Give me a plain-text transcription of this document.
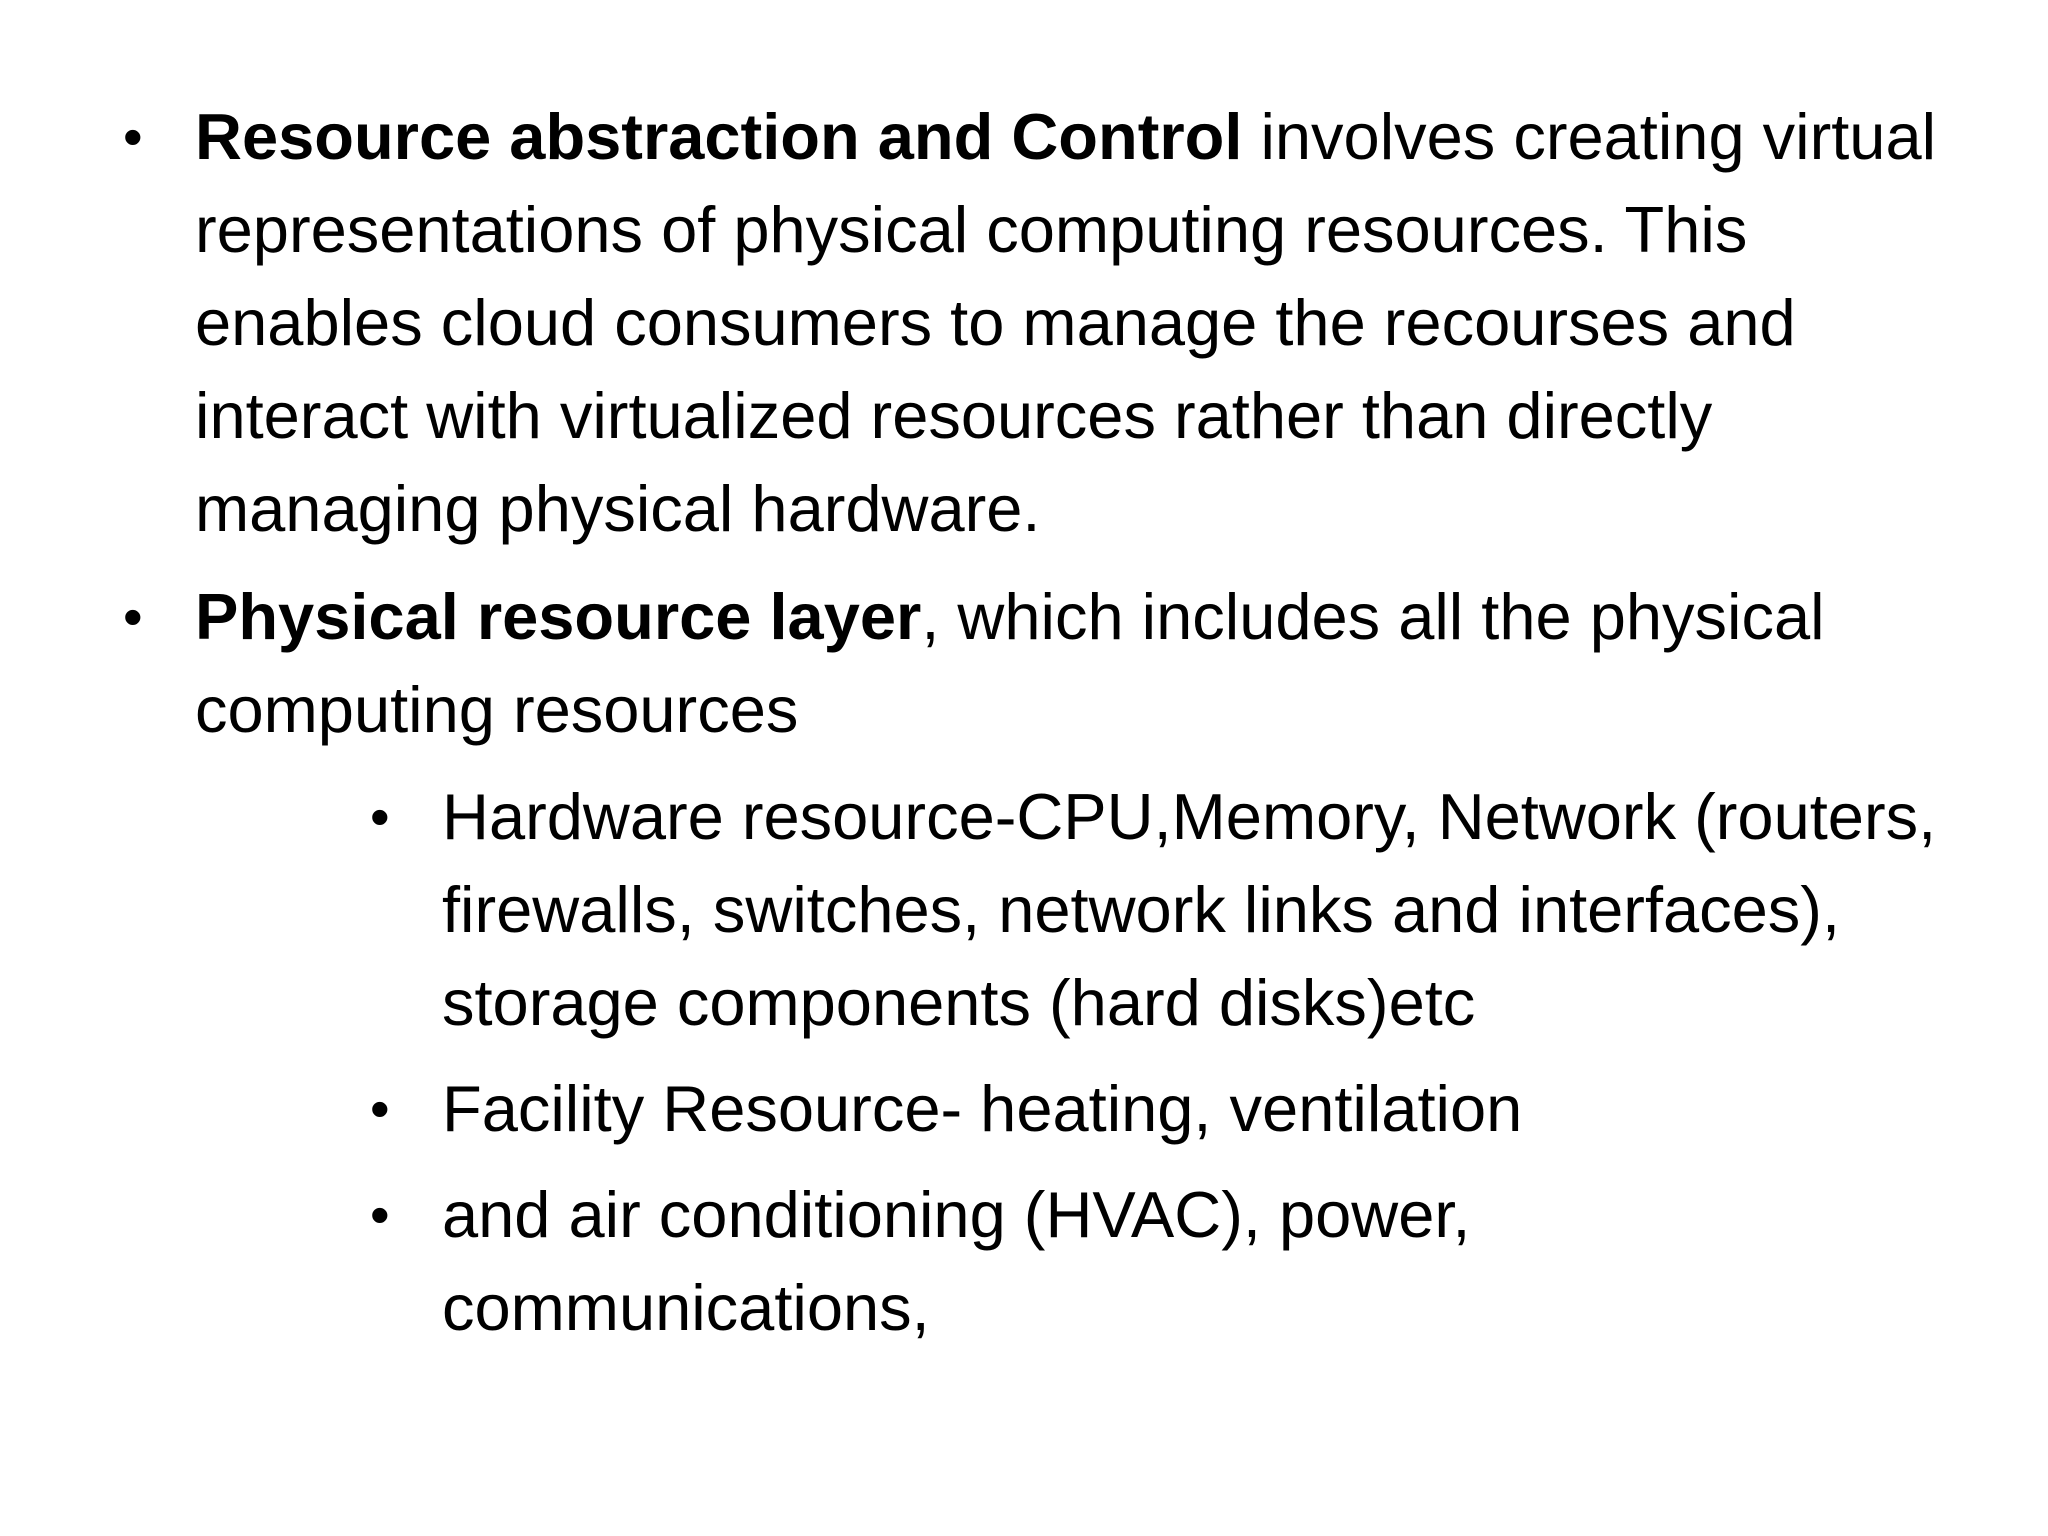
• Resource abstraction and Control involves creating virtual representations of physical computing resources. This enables cloud consumers to manage the recourses and interact with virtualized resources rather than directly managing physical hardware.
• Physical resource layer, which includes all the physical computing resources
• Hardware resource-CPU,Memory, Network (routers, firewalls, switches, network links and interfaces), storage components (hard disks)etc
• Facility Resource- heating, ventilation
• and air conditioning (HVAC), power, communications,
